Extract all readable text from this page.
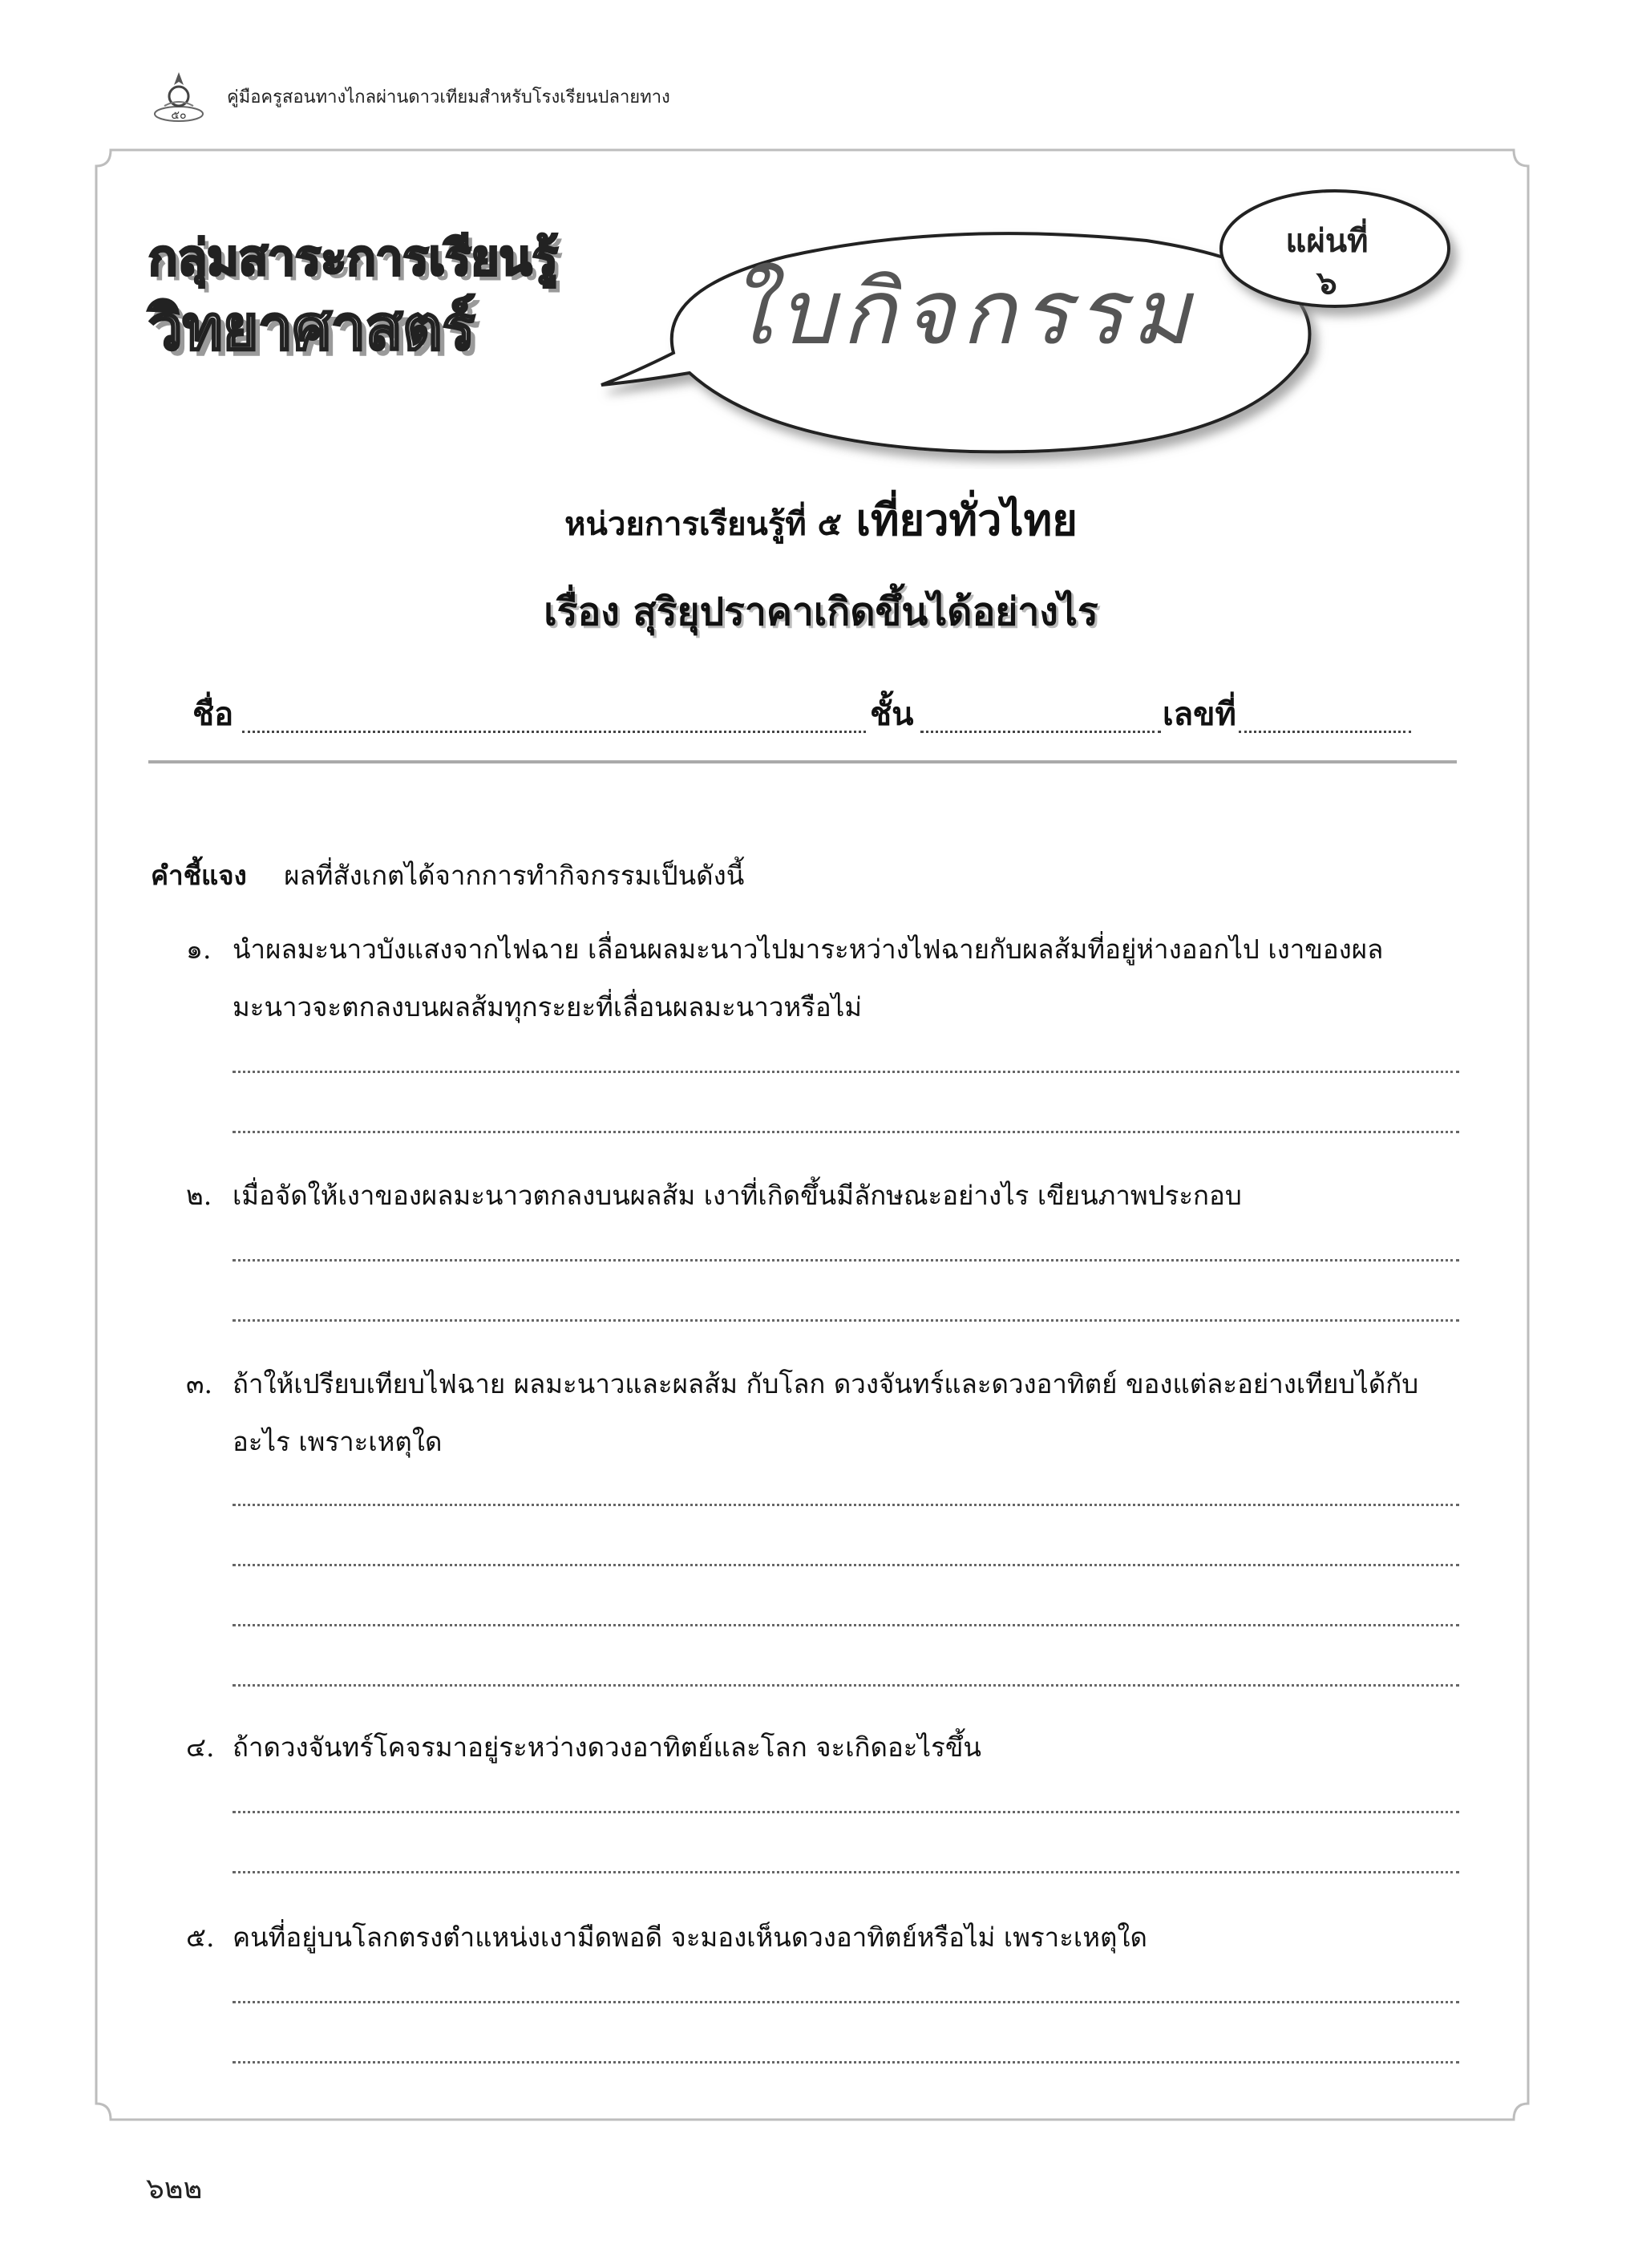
๕๐
คู่มือครูสอนทางไกลผ่านดาวเทียมสำหรับโรงเรียนปลายทาง
กลุ่มสาระการเรียนรู้
วิทยาศาสตร์	ใบกิจกรรม
แผ่นที่
๖
หน่วยการเรียนรู้ที่ ๕ เที่ยวทั่วไทย
เรื่อง สุริยุปราคาเกิดขึ้นได้อย่างไร
ชื่อ	ชั้น	เลขที่
คำชี้แจง ผลที่สังเกตได้จากการทำกิจกรรมเป็นดังนี้
๑. นำผลมะนาวบังแสงจากไฟฉาย เลื่อนผลมะนาวไปมาระหว่างไฟฉายกับผลส้มที่อยู่ห่างออกไป เงาของผลมะนาวจะตกลงบนผลส้มทุกระยะที่เลื่อนผลมะนาวหรือไม่
๒. เมื่อจัดให้เงาของผลมะนาวตกลงบนผลส้ม เงาที่เกิดขึ้นมีลักษณะอย่างไร เขียนภาพประกอบ
๓. ถ้าให้เปรียบเทียบไฟฉาย ผลมะนาวและผลส้ม กับโลก ดวงจันทร์และดวงอาทิตย์ ของแต่ละอย่างเทียบได้กับอะไร เพราะเหตุใด
๔. ถ้าดวงจันทร์โคจรมาอยู่ระหว่างดวงอาทิตย์และโลก จะเกิดอะไรขึ้น
๕. คนที่อยู่บนโลกตรงตำแหน่งเงามืดพอดี จะมองเห็นดวงอาทิตย์หรือไม่ เพราะเหตุใด
๖๒๒
